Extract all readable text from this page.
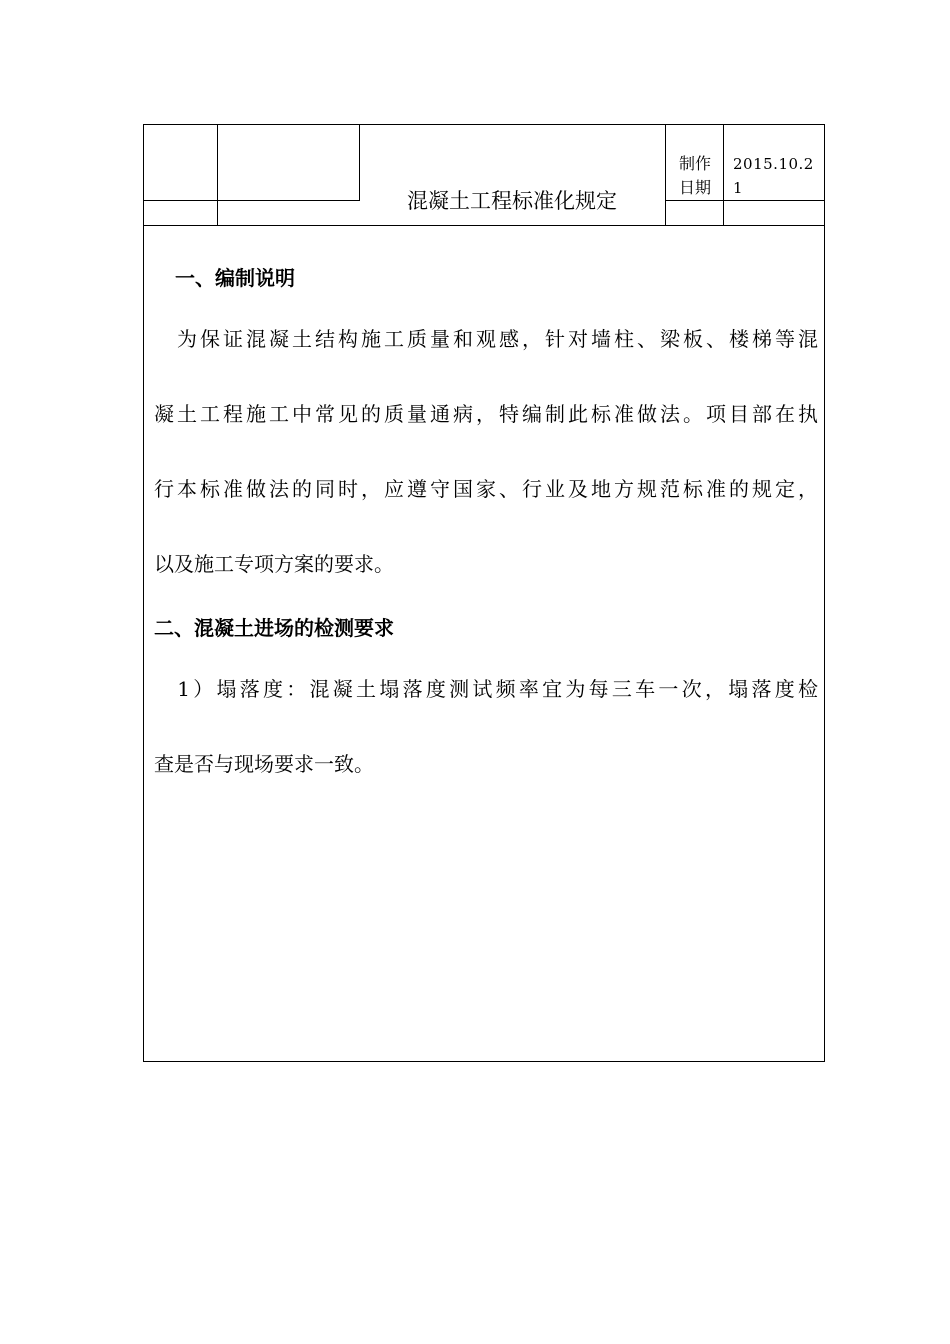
混凝土工程标准化规定
制作
日期
2015.10.21
一、编制说明
　为保证混凝土结构施工质量和观感，针对墙柱、梁板、楼梯等混
凝土工程施工中常见的质量通病，特编制此标准做法。项目部在执
行本标准做法的同时，应遵守国家、行业及地方规范标准的规定，
以及施工专项方案的要求。
二、混凝土进场的检测要求
　1）塌落度：混凝土塌落度测试频率宜为每三车一次，塌落度检
查是否与现场要求一致。
